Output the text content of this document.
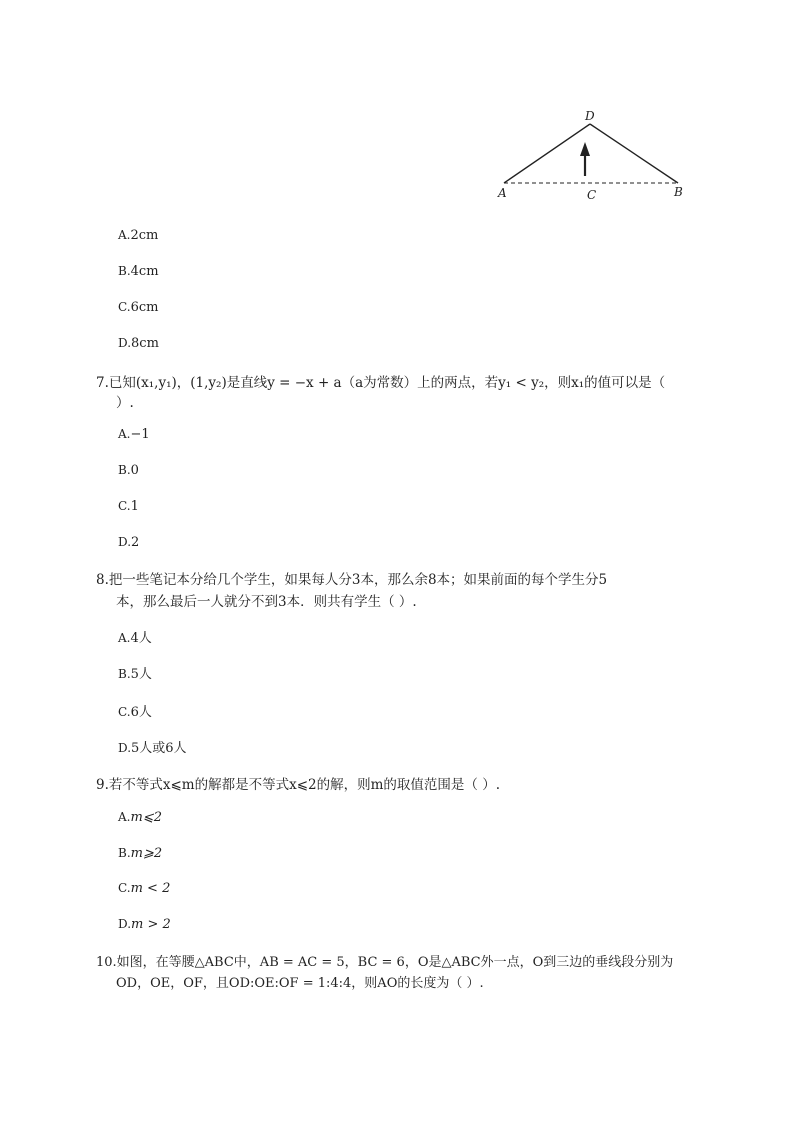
D
A	C	B
A.2cm
B.4cm
C.6cm
D.8cm
7.已知(x₁,y₁)，(1,y₂)是直线y = −x + a（a为常数）上的两点，若y₁ < y₂，则x₁的值可以是（
）.
A.−1
B.0
C.1
D.2
8.把一些笔记本分给几个学生，如果每人分3本，那么余8本；如果前面的每个学生分5
本，那么最后一人就分不到3本．则共有学生（ ）.
A.4人
B.5人
C.6人
D.5人或6人
9.若不等式x⩽m的解都是不等式x⩽2的解，则m的取值范围是（ ）.
A.m⩽2
B.m⩾2
C.m < 2
D.m > 2
10.如图，在等腰△ABC中，AB = AC = 5，BC = 6，O是△ABC外一点，O到三边的垂线段分别为
OD，OE，OF，且OD:OE:OF = 1:4:4，则AO的长度为（ ）.
